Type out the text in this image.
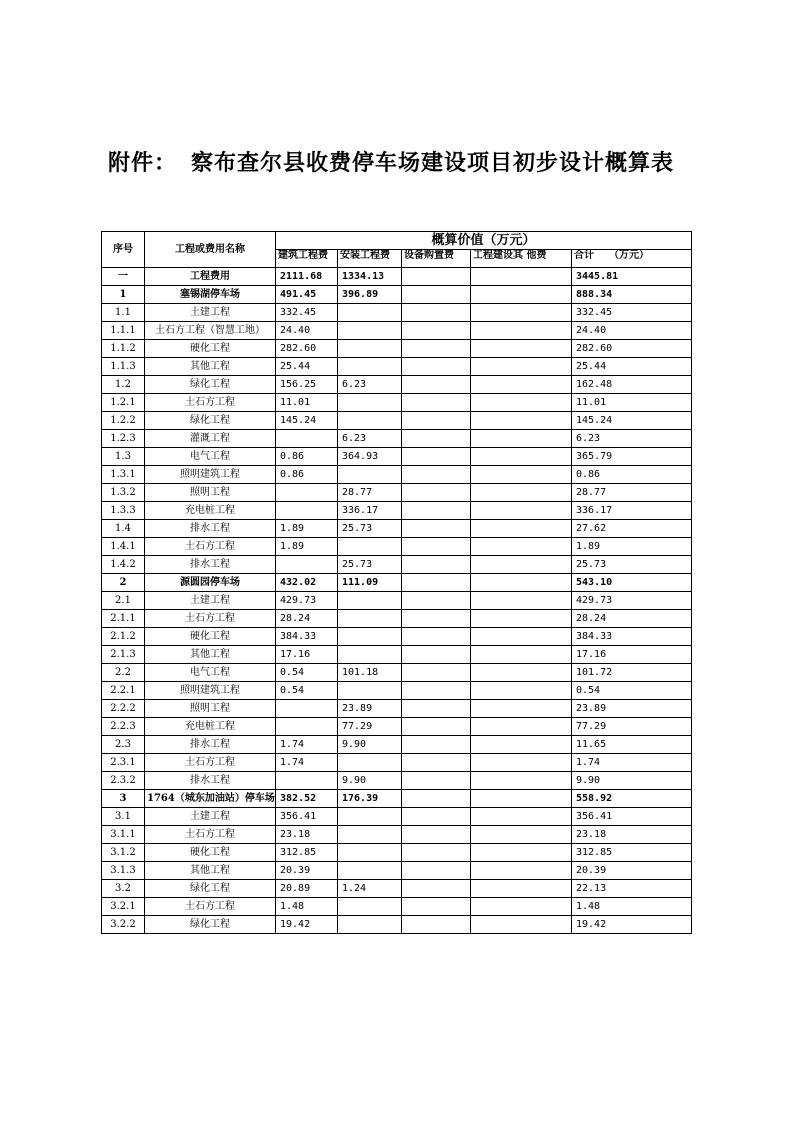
附件： 察布查尔县收费停车场建设项目初步设计概算表
序号	工程或费用名称	概算价值（万元）				
		建筑工程费	安装工程费	设备购置费	工程建设其 他费	合计　　（万元）
一	工程费用	2111.68	1334.13			3445.81
1	塞锡湖停车场	491.45	396.89			888.34
1.1	土建工程	332.45				332.45
1.1.1	土石方工程（智慧工地）	24.40				24.40
1.1.2	硬化工程	282.60				282.60
1.1.3	其他工程	25.44				25.44
1.2	绿化工程	156.25	6.23			162.48
1.2.1	土石方工程	11.01				11.01
1.2.2	绿化工程	145.24				145.24
1.2.3	灌溉工程		6.23			6.23
1.3	电气工程	0.86	364.93			365.79
1.3.1	照明建筑工程	0.86				0.86
1.3.2	照明工程		28.77			28.77
1.3.3	充电桩工程		336.17			336.17
1.4	排水工程	1.89	25.73			27.62
1.4.1	土石方工程	1.89				1.89
1.4.2	排水工程		25.73			25.73
2	源圆园停车场	432.02	111.09			543.10
2.1	土建工程	429.73				429.73
2.1.1	土石方工程	28.24				28.24
2.1.2	硬化工程	384.33				384.33
2.1.3	其他工程	17.16				17.16
2.2	电气工程	0.54	101.18			101.72
2.2.1	照明建筑工程	0.54				0.54
2.2.2	照明工程		23.89			23.89
2.2.3	充电桩工程		77.29			77.29
2.3	排水工程	1.74	9.90			11.65
2.3.1	土石方工程	1.74				1.74
2.3.2	排水工程		9.90			9.90
3	1764（城东加油站）停车场	382.52	176.39			558.92
3.1	土建工程	356.41				356.41
3.1.1	土石方工程	23.18				23.18
3.1.2	硬化工程	312.85				312.85
3.1.3	其他工程	20.39				20.39
3.2	绿化工程	20.89	1.24			22.13
3.2.1	土石方工程	1.48				1.48
3.2.2	绿化工程	19.42				19.42
